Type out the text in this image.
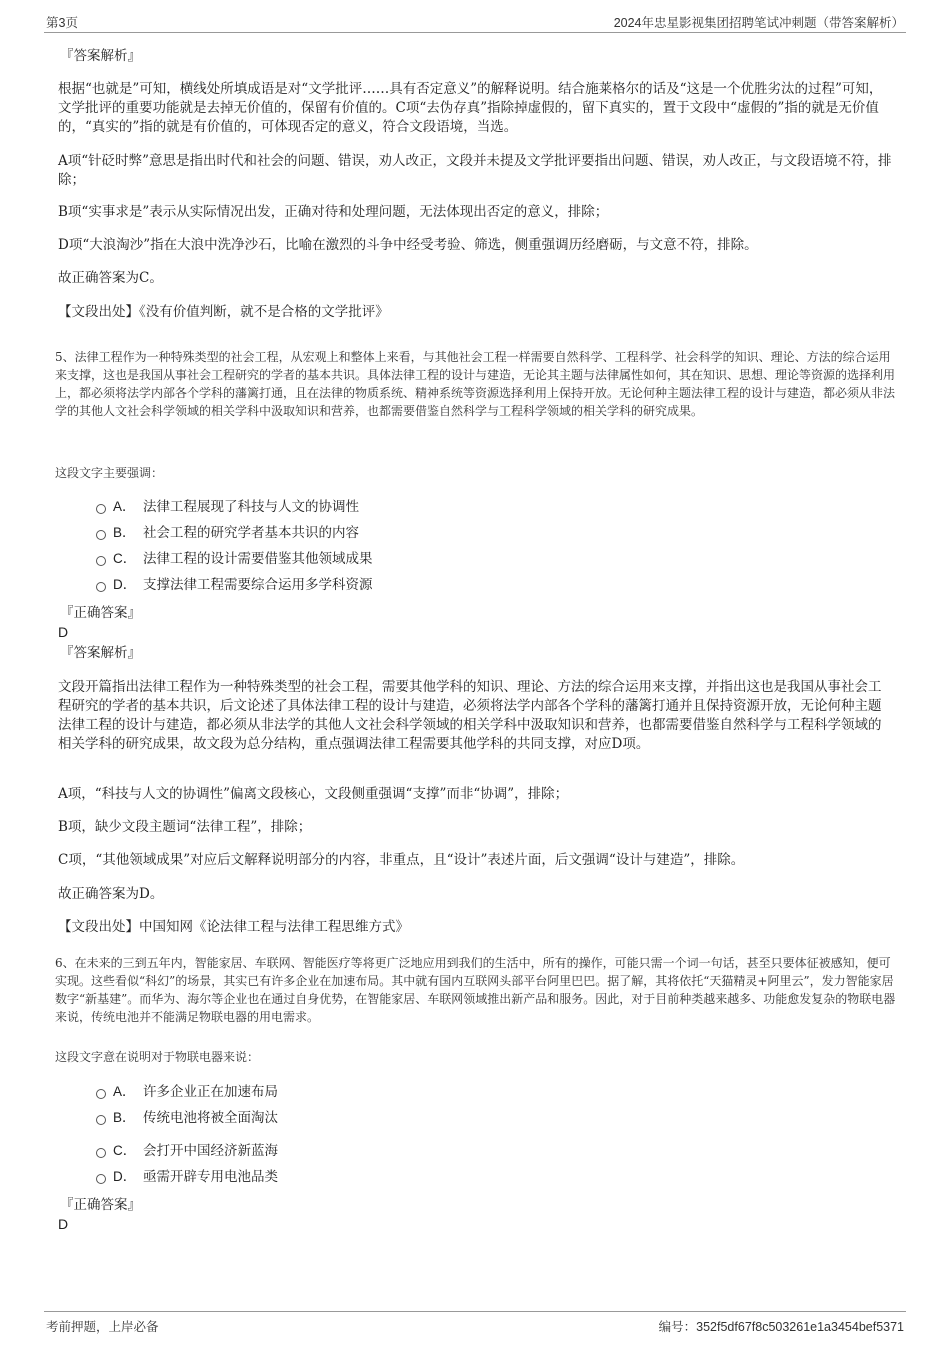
第3页	2024年忠星影视集团招聘笔试冲刺题（带答案解析）
『答案解析』
根据“也就是”可知，横线处所填成语是对“文学批评……具有否定意义”的解释说明。结合施莱格尔的话及“这是一个优胜劣汰的过程”可知，文学批评的重要功能就是去掉无价值的，保留有价值的。C项“去伪存真”指除掉虚假的，留下真实的，置于文段中“虚假的”指的就是无价值的，“真实的”指的就是有价值的，可体现否定的意义，符合文段语境，当选。
A项“针砭时弊”意思是指出时代和社会的问题、错误，劝人改正，文段并未提及文学批评要指出问题、错误，劝人改正，与文段语境不符，排除；
B项“实事求是”表示从实际情况出发，正确对待和处理问题，无法体现出否定的意义，排除；
D项“大浪淘沙”指在大浪中洗净沙石，比喻在激烈的斗争中经受考验、筛选，侧重强调历经磨砺，与文意不符，排除。
故正确答案为C。
【文段出处】《没有价值判断，就不是合格的文学批评》
5、法律工程作为一种特殊类型的社会工程，从宏观上和整体上来看，与其他社会工程一样需要自然科学、工程科学、社会科学的知识、理论、方法的综合运用来支撑，这也是我国从事社会工程研究的学者的基本共识。具体法律工程的设计与建造，无论其主题与法律属性如何，其在知识、思想、理论等资源的选择利用上，都必须将法学内部各个学科的藩篱打通，且在法律的物质系统、精神系统等资源选择利用上保持开放。无论何种主题法律工程的设计与建造，都必须从非法学的其他人文社会科学领域的相关学科中汲取知识和营养，也都需要借鉴自然科学与工程科学领域的相关学科的研究成果。
这段文字主要强调：
A． 法律工程展现了科技与人文的协调性
B． 社会工程的研究学者基本共识的内容
C． 法律工程的设计需要借鉴其他领域成果
D． 支撑法律工程需要综合运用多学科资源
『正确答案』
D
『答案解析』
文段开篇指出法律工程作为一种特殊类型的社会工程，需要其他学科的知识、理论、方法的综合运用来支撑，并指出这也是我国从事社会工程研究的学者的基本共识，后文论述了具体法律工程的设计与建造，必须将法学内部各个学科的藩篱打通并且保持资源开放，无论何种主题法律工程的设计与建造，都必须从非法学的其他人文社会科学领域的相关学科中汲取知识和营养，也都需要借鉴自然科学与工程科学领域的相关学科的研究成果，故文段为总分结构，重点强调法律工程需要其他学科的共同支撑，对应D项。
A项，“科技与人文的协调性”偏离文段核心，文段侧重强调“支撑”而非“协调”，排除；
B项，缺少文段主题词“法律工程”，排除；
C项，“其他领域成果”对应后文解释说明部分的内容，非重点，且“设计”表述片面，后文强调“设计与建造”，排除。
故正确答案为D。
【文段出处】中国知网《论法律工程与法律工程思维方式》
6、在未来的三到五年内，智能家居、车联网、智能医疗等将更广泛地应用到我们的生活中，所有的操作，可能只需一个词一句话，甚至只要体征被感知，便可实现。这些看似“科幻”的场景，其实已有许多企业在加速布局。其中就有国内互联网头部平台阿里巴巴。据了解，其将依托“天猫精灵+阿里云”，发力智能家居数字“新基建”。而华为、海尔等企业也在通过自身优势，在智能家居、车联网领域推出新产品和服务。因此，对于目前种类越来越多、功能愈发复杂的物联电器来说，传统电池并不能满足物联电器的用电需求。
这段文字意在说明对于物联电器来说：
A． 许多企业正在加速布局
B． 传统电池将被全面淘汰
C． 会打开中国经济新蓝海
D． 亟需开辟专用电池品类
『正确答案』
D
考前押题，上岸必备	编号：352f5df67f8c503261e1a3454bef5371
